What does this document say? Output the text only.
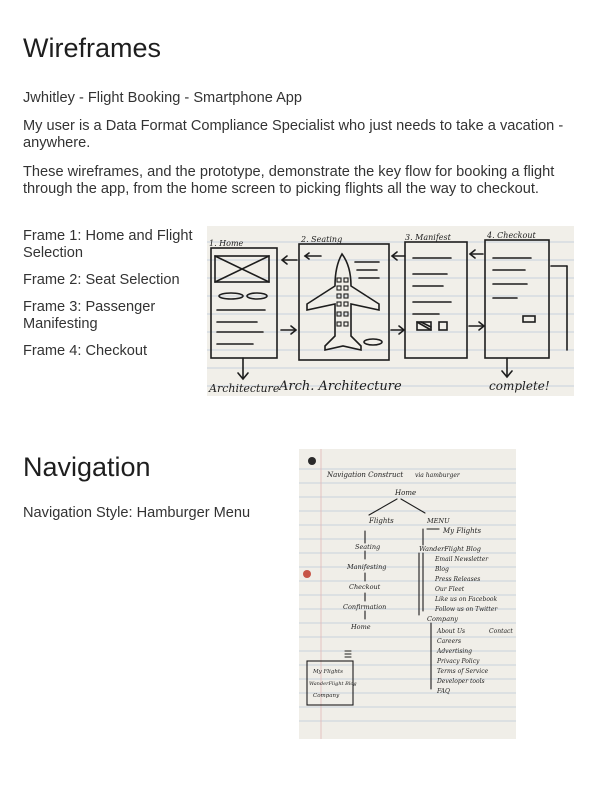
Wireframes

Jwhitley - Flight Booking - Smartphone App

My user is a Data Format Compliance Specialist who just needs to take a vacation - anywhere.

These wireframes, and the prototype, demonstrate the key flow for booking a flight through the app, from the home screen to picking flights all the way to checkout.

Frame 1: Home and Flight Selection

Frame 2: Seat Selection

Frame 3: Passenger Manifesting

Frame 4: Checkout

1. Home	2. Seating	3. Manifest	4. Checkout
Architecture Arch. Architecture	complete!
Navigation

Navigation Style: Hamburger Menu

Navigation Construct via hamburger
Home
Flights
Seating
Manifesting
Checkout
Confirmation
Home
MENU
My Flights
WanderFlight Blog
Company
Email Newsletter
Blog
Press Releases
Our Fleet
Like us on Facebook
Follow us on Twitter
About Us	Contact
Careers
Advertising
Privacy Policy
Terms of Service
Developer tools
FAQ
My Flights
WanderFlight Blog
Company
